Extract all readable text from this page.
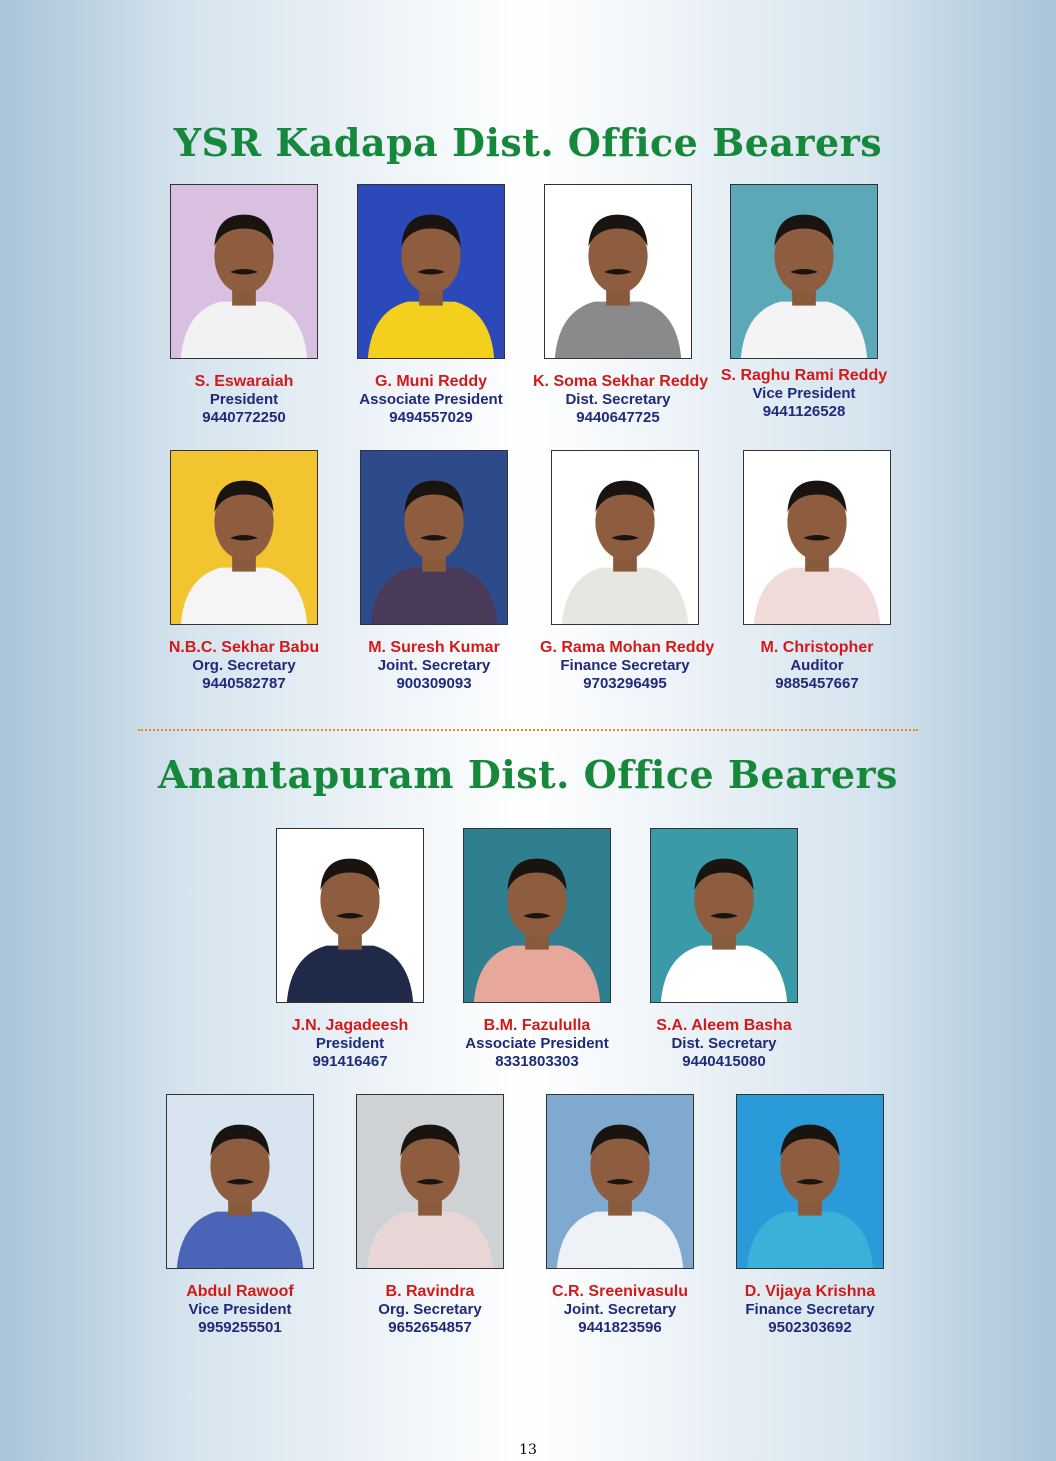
YSR Kadapa Dist. Office Bearers
Anantapuram Dist. Office Bearers
S. Eswaraiah
President
9440772250
G. Muni Reddy
Associate President
9494557029
K. Soma Sekhar Reddy
Dist. Secretary
9440647725
S. Raghu Rami Reddy
Vice President
9441126528
N.B.C. Sekhar Babu
Org. Secretary
9440582787
M. Suresh Kumar
Joint. Secretary
900309093
G. Rama Mohan Reddy
Finance Secretary
9703296495
M. Christopher
Auditor
9885457667
J.N. Jagadeesh
President
991416467
B.M. Fazululla
Associate President
8331803303
S.A. Aleem Basha
Dist. Secretary
9440415080
Abdul Rawoof
Vice President
9959255501
B. Ravindra
Org. Secretary
9652654857
C.R. Sreenivasulu
Joint. Secretary
9441823596
D. Vijaya Krishna
Finance Secretary
9502303692
13
